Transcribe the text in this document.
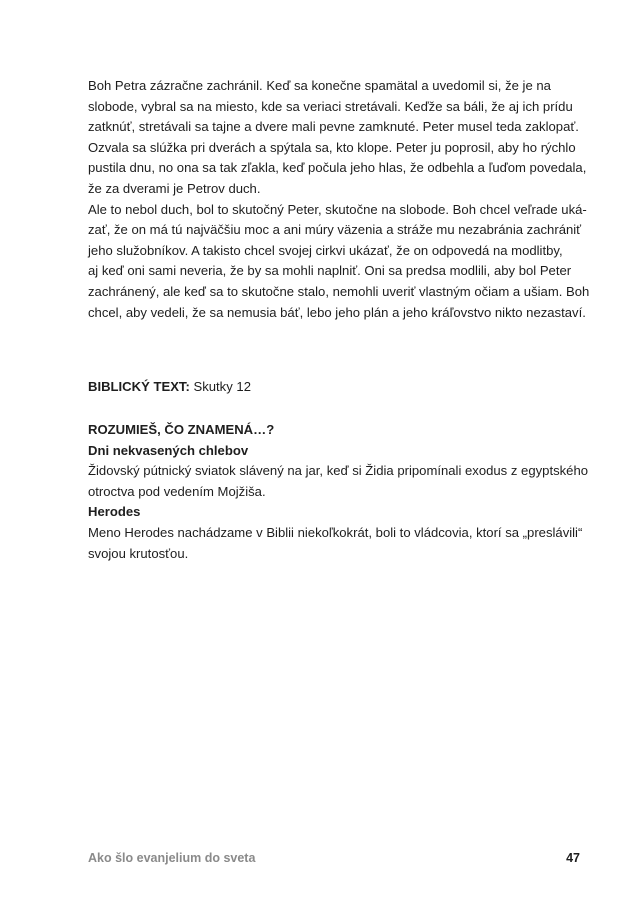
Boh Petra zázračne zachránil. Keď sa konečne spamätal a uvedomil si, že je na
slobode, vybral sa na miesto, kde sa veriaci stretávali. Keďže sa báli, že aj ich prídu
zatknúť, stretávali sa tajne a dvere mali pevne zamknuté. Peter musel teda zaklopať.
Ozvala sa slúžka pri dverách a spýtala sa, kto klope. Peter ju poprosil, aby ho rýchlo
pustila dnu, no ona sa tak zľakla, keď počula jeho hlas, že odbehla a ľuďom povedala,
že za dverami je Petrov duch.
Ale to nebol duch, bol to skutočný Peter, skutočne na slobode. Boh chcel veľrade uká-
zať, že on má tú najväčšiu moc a ani múry väzenia a stráže mu nezabránia zachrániť
jeho služobníkov. A takisto chcel svojej cirkvi ukázať, že on odpovedá na modlitby,
aj keď oni sami neveria, že by sa mohli naplniť. Oni sa predsa modlili, aby bol Peter
zachránený, ale keď sa to skutočne stalo, nemohli uveriť vlastným očiam a ušiam. Boh
chcel, aby vedeli, že sa nemusia báť, lebo jeho plán a jeho kráľovstvo nikto nezastaví.
BIBLICKÝ TEXT: Skutky 12
ROZUMIEŠ, ČO ZNAMENÁ…?
Dni nekvasených chlebov
Židovský pútnický sviatok slávený na jar, keď si Židia pripomínali exodus z egyptského
otroctva pod vedením Mojžiša.
Herodes
Meno Herodes nachádzame v Biblii niekoľkokrát, boli to vládcovia, ktorí sa „preslávili“
svojou krutosťou.
Ako šlo evanjelium do sveta	47
